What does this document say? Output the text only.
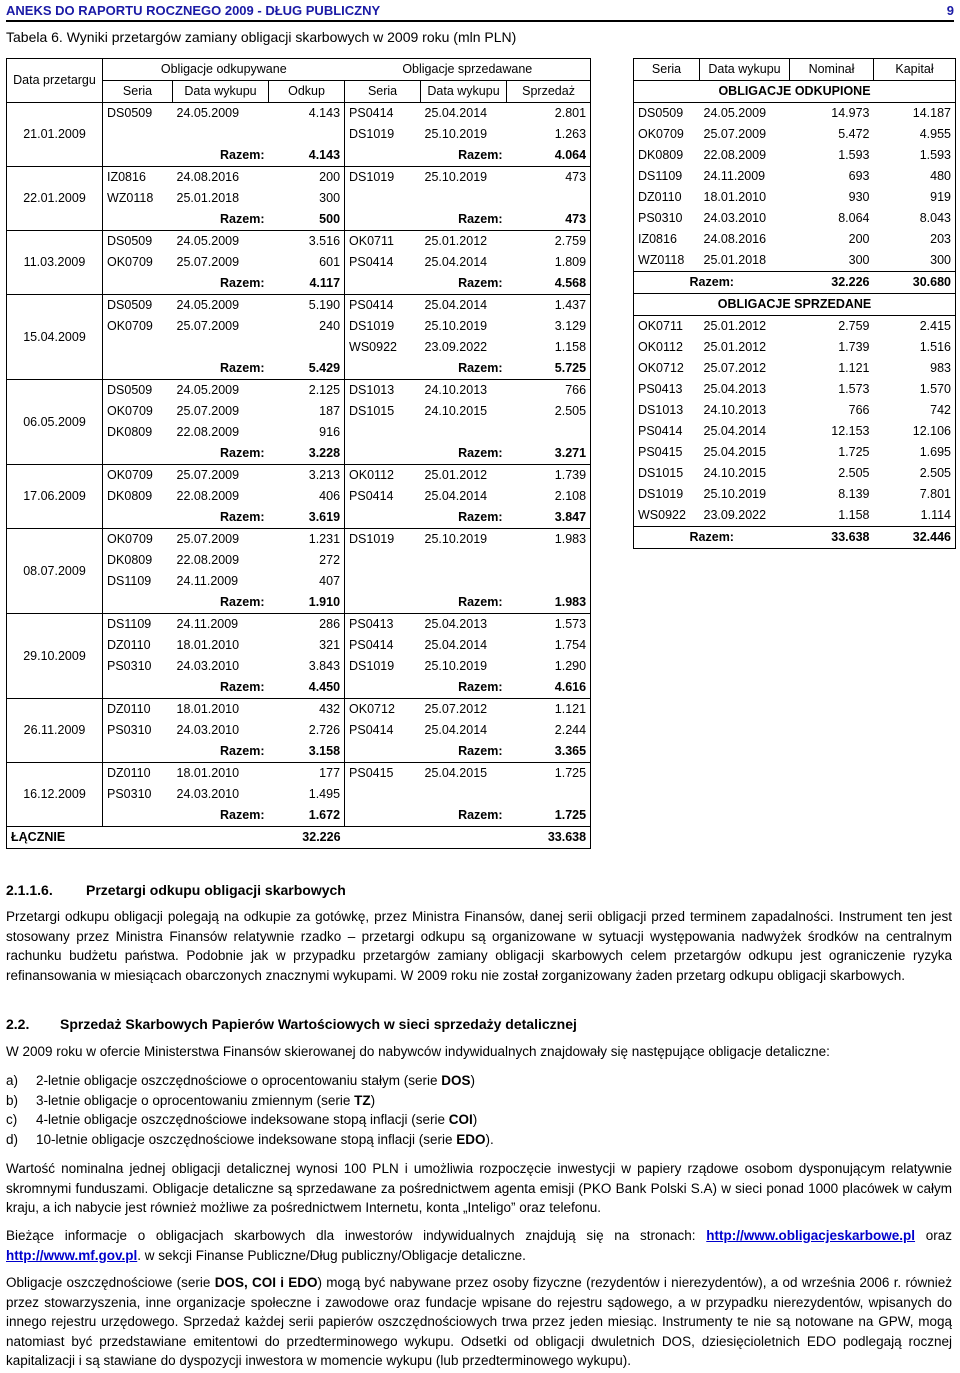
ANEKS DO RAPORTU ROCZNEGO 2009 - DŁUG PUBLICZNY	9
Tabela 6. Wyniki przetargów zamiany obligacji skarbowych w 2009 roku (mln PLN)
Data przetargu	Obligacje odkupywane			Obligacje sprzedawane		
	Seria	Data wykupu	Odkup	Seria	Data wykupu	Sprzedaż
21.01.2009	DS0509	24.05.2009	4.143	PS0414	25.04.2014	2.801
				DS1019	25.10.2019	1.263
	Razem:		4.143	Razem:		4.064
22.01.2009	IZ0816	24.08.2016	200	DS1019	25.10.2019	473
	WZ0118	25.01.2018	300			
	Razem:		500	Razem:		473
11.03.2009	DS0509	24.05.2009	3.516	OK0711	25.01.2012	2.759
	OK0709	25.07.2009	601	PS0414	25.04.2014	1.809
	Razem:		4.117	Razem:		4.568
15.04.2009	DS0509	24.05.2009	5.190	PS0414	25.04.2014	1.437
	OK0709	25.07.2009	240	DS1019	25.10.2019	3.129
				WS0922	23.09.2022	1.158
	Razem:		5.429	Razem:		5.725
06.05.2009	DS0509	24.05.2009	2.125	DS1013	24.10.2013	766
	OK0709	25.07.2009	187	DS1015	24.10.2015	2.505
	DK0809	22.08.2009	916			
	Razem:		3.228	Razem:		3.271
17.06.2009	OK0709	25.07.2009	3.213	OK0112	25.01.2012	1.739
	DK0809	22.08.2009	406	PS0414	25.04.2014	2.108
	Razem:		3.619	Razem:		3.847
08.07.2009	OK0709	25.07.2009	1.231	DS1019	25.10.2019	1.983
	DK0809	22.08.2009	272			
	DS1109	24.11.2009	407			
	Razem:		1.910	Razem:		1.983
29.10.2009	DS1109	24.11.2009	286	PS0413	25.04.2013	1.573
	DZ0110	18.01.2010	321	PS0414	25.04.2014	1.754
	PS0310	24.03.2010	3.843	DS1019	25.10.2019	1.290
	Razem:		4.450	Razem:		4.616
26.11.2009	DZ0110	18.01.2010	432	OK0712	25.07.2012	1.121
	PS0310	24.03.2010	2.726	PS0414	25.04.2014	2.244
	Razem:		3.158	Razem:		3.365
16.12.2009	DZ0110	18.01.2010	177	PS0415	25.04.2015	1.725
	PS0310	24.03.2010	1.495			
	Razem:		1.672	Razem:		1.725
ŁĄCZNIE		32.226		33.638		
Seria	Data wykupu	Nominał	Kapitał
OBLIGACJE ODKUPIONE			
DS0509	24.05.2009	14.973	14.187
OK0709	25.07.2009	5.472	4.955
DK0809	22.08.2009	1.593	1.593
DS1109	24.11.2009	693	480
DZ0110	18.01.2010	930	919
PS0310	24.03.2010	8.064	8.043
IZ0816	24.08.2016	200	203
WZ0118	25.01.2018	300	300
Razem:		32.226	30.680
OBLIGACJE SPRZEDANE			
OK0711	25.01.2012	2.759	2.415
OK0112	25.01.2012	1.739	1.516
OK0712	25.07.2012	1.121	983
PS0413	25.04.2013	1.573	1.570
DS1013	24.10.2013	766	742
PS0414	25.04.2014	12.153	12.106
PS0415	25.04.2015	1.725	1.695
DS1015	24.10.2015	2.505	2.505
DS1019	25.10.2019	8.139	7.801
WS0922	23.09.2022	1.158	1.114
Razem:		33.638	32.446
2.1.1.6. Przetargi odkupu obligacji skarbowych
Przetargi odkupu obligacji polegają na odkupie za gotówkę, przez Ministra Finansów, danej serii obligacji przed terminem zapadalności. Instrument ten jest stosowany przez Ministra Finansów relatywnie rzadko – przetargi odkupu są organizowane w sytuacji występowania nadwyżek środków na centralnym rachunku budżetu państwa. Podobnie jak w przypadku przetargów zamiany obligacji skarbowych celem przetargów odkupu jest ograniczenie ryzyka refinansowania w miesiącach obarczonych znacznymi wykupami. W 2009 roku nie został zorganizowany żaden przetarg odkupu obligacji skarbowych.
2.2. Sprzedaż Skarbowych Papierów Wartościowych w sieci sprzedaży detalicznej
W 2009 roku w ofercie Ministerstwa Finansów skierowanej do nabywców indywidualnych znajdowały się następujące obligacje detaliczne:
a) 2-letnie obligacje oszczędnościowe o oprocentowaniu stałym (serie DOS)
b) 3-letnie obligacje o oprocentowaniu zmiennym (serie TZ)
c) 4-letnie obligacje oszczędnościowe indeksowane stopą inflacji (serie COI)
d) 10-letnie obligacje oszczędnościowe indeksowane stopą inflacji (serie EDO).
Wartość nominalna jednej obligacji detalicznej wynosi 100 PLN i umożliwia rozpoczęcie inwestycji w papiery rządowe osobom dysponującym relatywnie skromnymi funduszami. Obligacje detaliczne są sprzedawane za pośrednictwem agenta emisji (PKO Bank Polski S.A) w sieci ponad 1000 placówek w całym kraju, a ich nabycie jest również możliwe za pośrednictwem Internetu, konta „Inteligo” oraz telefonu.
Bieżące informacje o obligacjach skarbowych dla inwestorów indywidualnych znajdują się na stronach: http://www.obligacjeskarbowe.pl oraz http://www.mf.gov.pl. w sekcji Finanse Publiczne/Dług publiczny/Obligacje detaliczne.
Obligacje oszczędnościowe (serie DOS, COI i EDO) mogą być nabywane przez osoby fizyczne (rezydentów i nierezydentów), a od września 2006 r. również przez stowarzyszenia, inne organizacje społeczne i zawodowe oraz fundacje wpisane do rejestru sądowego, a w przypadku nierezydentów, wpisanych do innego rejestru urzędowego. Sprzedaż każdej serii papierów oszczędnościowych trwa przez jeden miesiąc. Instrumenty te nie są notowane na GPW, mogą natomiast być przedstawiane emitentowi do przedterminowego wykupu. Odsetki od obligacji dwuletnich DOS, dziesięcioletnich EDO podlegają rocznej kapitalizacji i są stawiane do dyspozycji inwestora w momencie wykupu (lub przedterminowego wykupu).
